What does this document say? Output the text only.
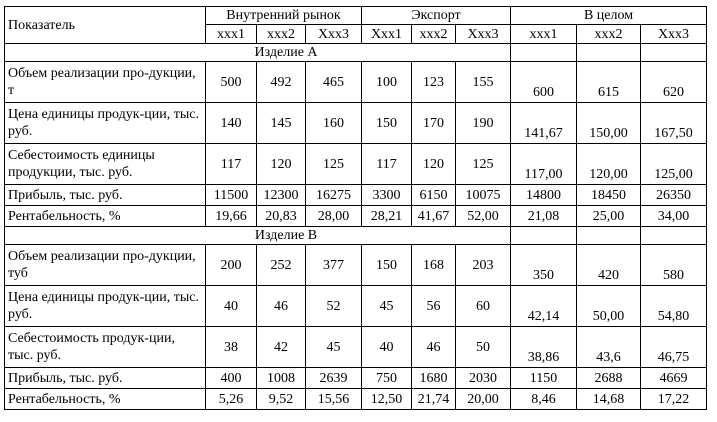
Показатель	Внутренний рынок			Экспорт			В целом		
	xxx1	xxx2	Xxx3	Xxx1	xxx2	Xxx3	xxx1	xxx2	Xxx3
Изделие А									
Объем реализации про-дукции, т	500	492	465	100	123	155	600	615	620
Цена единицы продук-ции, тыс. руб.	140	145	160	150	170	190	141,67	150,00	167,50
Себестоимость единицы продукции, тыс. руб.	117	120	125	117	120	125	117,00	120,00	125,00
Прибыль, тыс. руб.	11500	12300	16275	3300	6150	10075	14800	18450	26350
Рентабельность, %	19,66	20,83	28,00	28,21	41,67	52,00	21,08	25,00	34,00
Изделие В									
Объем реализации про-дукции, туб	200	252	377	150	168	203	350	420	580
Цена единицы продук-ции, тыс. руб.	40	46	52	45	56	60	42,14	50,00	54,80
Себестоимость продук-ции, тыс. руб.	38	42	45	40	46	50	38,86	43,6	46,75
Прибыль, тыс. руб.	400	1008	2639	750	1680	2030	1150	2688	4669
Рентабельность, %	5,26	9,52	15,56	12,50	21,74	20,00	8,46	14,68	17,22
